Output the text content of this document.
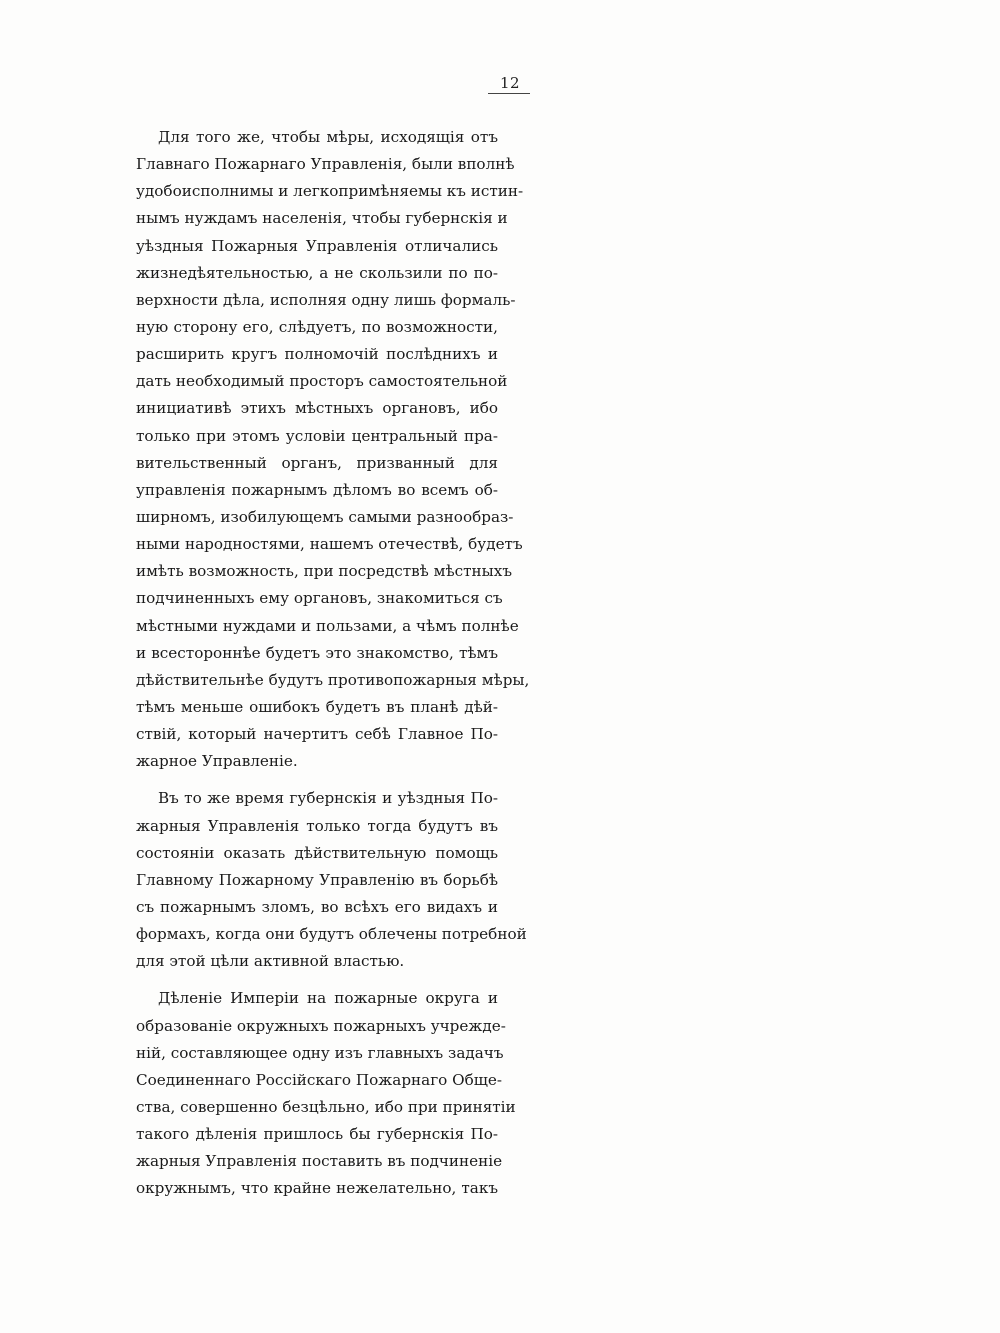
12
Для того же, чтобы мѣры, исходящія отъ
Главнаго Пожарнаго Управленія, были вполнѣ
удобоисполнимы и легкопримѣняемы къ истин-
нымъ нуждамъ населенія, чтобы губернскія и
уѣздныя Пожарныя Управленія отличались
жизнедѣятельностью, а не скользили по по-
верхности дѣла, исполняя одну лишь формаль-
ную сторону его, слѣдуетъ, по возможности,
расширить кругъ полномочій послѣднихъ и
дать необходимый просторъ самостоятельной
инициативѣ этихъ мѣстныхъ органовъ, ибо
только при этомъ условіи центральный пра-
вительственный органъ, призванный для
управленія пожарнымъ дѣломъ во всемъ об-
ширномъ, изобилующемъ самыми разнообраз-
ными народностями, нашемъ отечествѣ, будетъ
имѣть возможность, при посредствѣ мѣстныхъ
подчиненныхъ ему органовъ, знакомиться съ
мѣстными нуждами и пользами, а чѣмъ полнѣе
и всестороннѣе будетъ это знакомство, тѣмъ
дѣйствительнѣе будутъ противопожарныя мѣры,
тѣмъ меньше ошибокъ будетъ въ планѣ дѣй-
ствій, который начертитъ себѣ Главное По-
жарное Управленіе.
Въ то же время губернскія и уѣздныя По-
жарныя Управленія только тогда будутъ въ
состояніи оказать дѣйствительную помощь
Главному Пожарному Управленію въ борьбѣ
съ пожарнымъ зломъ, во всѣхъ его видахъ и
формахъ, когда они будутъ облечены потребной
для этой цѣли активной властью.
Дѣленіе Имперіи на пожарные округа и
образованіе окружныхъ пожарныхъ учрежде-
ній, составляющее одну изъ главныхъ задачъ
Соединеннаго Россійскаго Пожарнаго Обще-
ства, совершенно безцѣльно, ибо при принятіи
такого дѣленія пришлось бы губернскія По-
жарныя Управленія поставить въ подчиненіе
окружнымъ, что крайне нежелательно, такъ
